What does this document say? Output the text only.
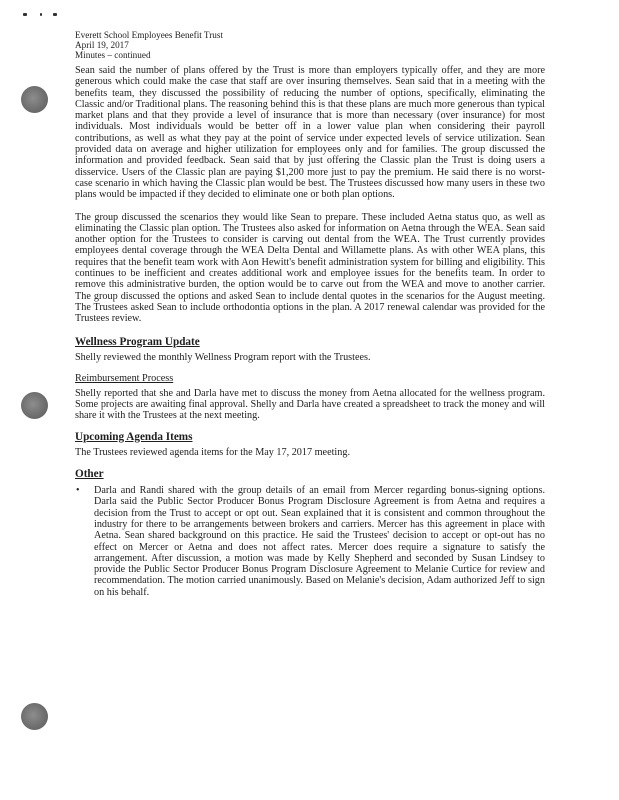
Everett School Employees Benefit Trust
April 19, 2017
Minutes – continued

Sean said the number of plans offered by the Trust is more than employers typically offer, and they are more generous which could make the case that staff are over insuring themselves. Sean said that in a meeting with the benefits team, they discussed the possibility of reducing the number of options, specifically, eliminating the Classic and/or Traditional plans. The reasoning behind this is that these plans are much more generous than typical market plans and that they provide a level of insurance that is more than necessary (over insurance) for most individuals. Most individuals would be better off in a lower value plan when considering their payroll contributions, as well as what they pay at the point of service under expected levels of service utilization. Sean provided data on average and higher utilization for employees only and for families. The group discussed the information and provided feedback. Sean said that by just offering the Classic plan the Trust is doing users a disservice. Users of the Classic plan are paying $1,200 more just to pay the premium. He said there is no worst-case scenario in which having the Classic plan would be best. The Trustees discussed how many users in these two plans would be impacted if they decided to eliminate one or both plan options.

The group discussed the scenarios they would like Sean to prepare. These included Aetna status quo, as well as eliminating the Classic plan option. The Trustees also asked for information on Aetna through the WEA. Sean said another option for the Trustees to consider is carving out dental from the WEA. The Trust currently provides employees dental coverage through the WEA Delta Dental and Willamette plans. As with other WEA plans, this requires that the benefit team work with Aon Hewitt's benefit administration system for billing and eligibility. This continues to be inefficient and creates additional work and employee issues for the benefits team. In order to remove this administrative burden, the option would be to carve out from the WEA and move to another carrier. The group discussed the options and asked Sean to include dental quotes in the scenarios for the August meeting. The Trustees asked Sean to include orthodontia options in the plan. A 2017 renewal calendar was provided for the Trustees review.

Wellness Program Update

Shelly reviewed the monthly Wellness Program report with the Trustees.

Reimbursement Process

Shelly reported that she and Darla have met to discuss the money from Aetna allocated for the wellness program. Some projects are awaiting final approval. Shelly and Darla have created a spreadsheet to track the money and will share it with the Trustees at the next meeting.

Upcoming Agenda Items

The Trustees reviewed agenda items for the May 17, 2017 meeting.

Other
• Darla and Randi shared with the group details of an email from Mercer regarding bonus-signing options. Darla said the Public Sector Producer Bonus Program Disclosure Agreement is from Aetna and requires a decision from the Trust to accept or opt out. Sean explained that it is consistent and common throughout the industry for there to be arrangements between brokers and carriers. Mercer has this agreement in place with Aetna. Sean shared background on this practice. He said the Trustees' decision to accept or opt-out has no effect on Mercer or Aetna and does not affect rates. Mercer does require a signature to satisfy the arrangement. After discussion, a motion was made by Kelly Shepherd and seconded by Susan Lindsey to provide the Public Sector Producer Bonus Program Disclosure Agreement to Melanie Curtice for review and recommendation. The motion carried unanimously. Based on Melanie's decision, Adam authorized Jeff to sign on his behalf.
